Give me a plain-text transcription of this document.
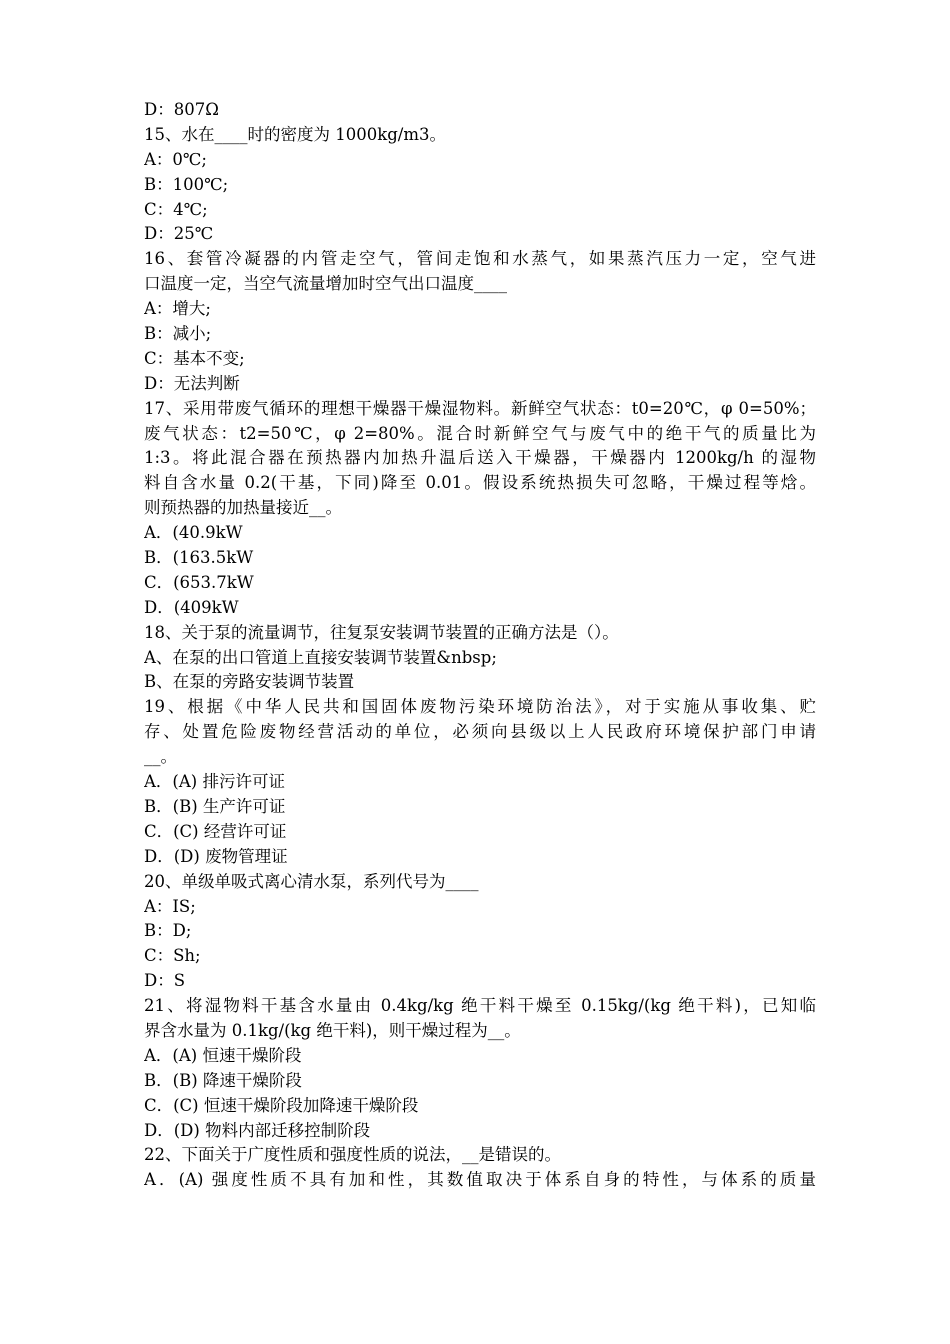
D：807Ω
15、水在____时的密度为 1000kg/m3。
A：0℃;
B：100℃;
C：4℃;
D：25℃
16、套管冷凝器的内管走空气，管间走饱和水蒸气，如果蒸汽压力一定，空气进
口温度一定，当空气流量增加时空气出口温度____
A：增大;
B：减小;
C：基本不变;
D：无法判断
17、采用带废气循环的理想干燥器干燥湿物料。新鲜空气状态：t0=20℃，φ 0=50%；
废气状态：t2=50℃，φ 2=80%。混合时新鲜空气与废气中的绝干气的质量比为
1:3。将此混合器在预热器内加热升温后送入干燥器，干燥器内 1200kg/h 的湿物
料自含水量 0.2(干基，下同)降至 0.01。假设系统热损失可忽略，干燥过程等焓。
则预热器的加热量接近__。
A．(40.9kW
B．(163.5kW
C．(653.7kW
D．(409kW
18、关于泵的流量调节，往复泵安装调节装置的正确方法是（）。
A、在泵的出口管道上直接安装调节装置&nbsp;
B、在泵的旁路安装调节装置
19、根据《中华人民共和国固体废物污染环境防治法》，对于实施从事收集、贮
存、处置危险废物经营活动的单位，必须向县级以上人民政府环境保护部门申请
__。
A．(A) 排污许可证
B．(B) 生产许可证
C．(C) 经营许可证
D．(D) 废物管理证
20、单级单吸式离心清水泵，系列代号为____
A：IS;
B：D;
C：Sh;
D：S
21、将湿物料干基含水量由 0.4kg/kg 绝干料干燥至 0.15kg/(kg 绝干料)，已知临
界含水量为 0.1kg/(kg 绝干料)，则干燥过程为__。
A．(A) 恒速干燥阶段
B．(B) 降速干燥阶段
C．(C) 恒速干燥阶段加降速干燥阶段
D．(D) 物料内部迁移控制阶段
22、下面关于广度性质和强度性质的说法，__是错误的。
A．(A) 强度性质不具有加和性，其数值取决于体系自身的特性，与体系的质量
